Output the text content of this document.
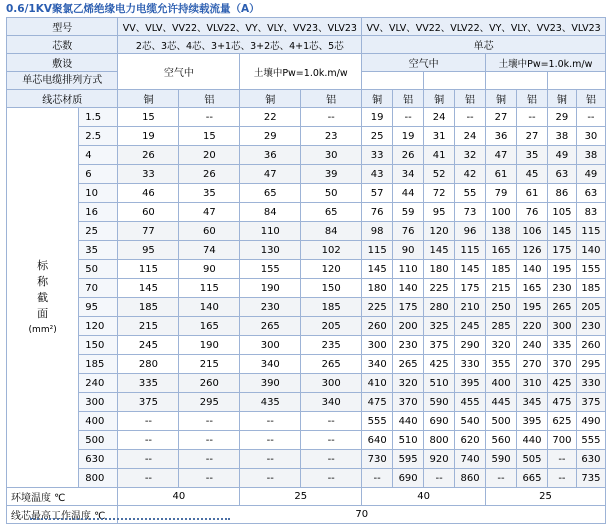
0.6/1KV聚氯乙烯绝缘电力电缆允许持续载流量（A）
型号		VV、VLV、VV22、VLV22、VY、VLY、VV23、VLV23				VV、VLV、VV22、VLV22、VY、VLY、VV23、VLV23							
芯数		2芯、3芯、4芯、3+1芯、3+2芯、4+1芯、5芯				单芯							
敷设		空气中		土壤中Pw=1.0k.m/w		空气中				土壤中Pw=1.0k.m/w			
单芯电缆排列方式													

线芯材质		铜	铝	铜	铝	铜	铝	铜	铝	铜	铝	铜	铝

标
称
截
面
(mm²)	1.5	15	--	22	--	19	--	24	--	27	--	29	--
	2.5	19	15	29	23	25	19	31	24	36	27	38	30
	4	26	20	36	30	33	26	41	32	47	35	49	38
	6	33	26	47	39	43	34	52	42	61	45	63	49
	10	46	35	65	50	57	44	72	55	79	61	86	63
	16	60	47	84	65	76	59	95	73	100	76	105	83
	25	77	60	110	84	98	76	120	96	138	106	145	115
	35	95	74	130	102	115	90	145	115	165	126	175	140
	50	115	90	155	120	145	110	180	145	185	140	195	155
	70	145	115	190	150	180	140	225	175	215	165	230	185
	95	185	140	230	185	225	175	280	210	250	195	265	205
	120	215	165	265	205	260	200	325	245	285	220	300	230
	150	245	190	300	235	300	230	375	290	320	240	335	260
	185	280	215	340	265	340	265	425	330	355	270	370	295
	240	335	260	390	300	410	320	510	395	400	310	425	330
	300	375	295	435	340	475	370	590	455	445	345	475	375
	400	--	--	--	--	555	440	690	540	500	395	625	490
	500	--	--	--	--	640	510	800	620	560	440	700	555
	630	--	--	--	--	730	595	920	740	590	505	--	630
	800	--	--	--	--	--	690	--	860	--	665	--	735
环境温度 ℃		40		25		40				25			
线芯最高工作温度 ℃		70											
